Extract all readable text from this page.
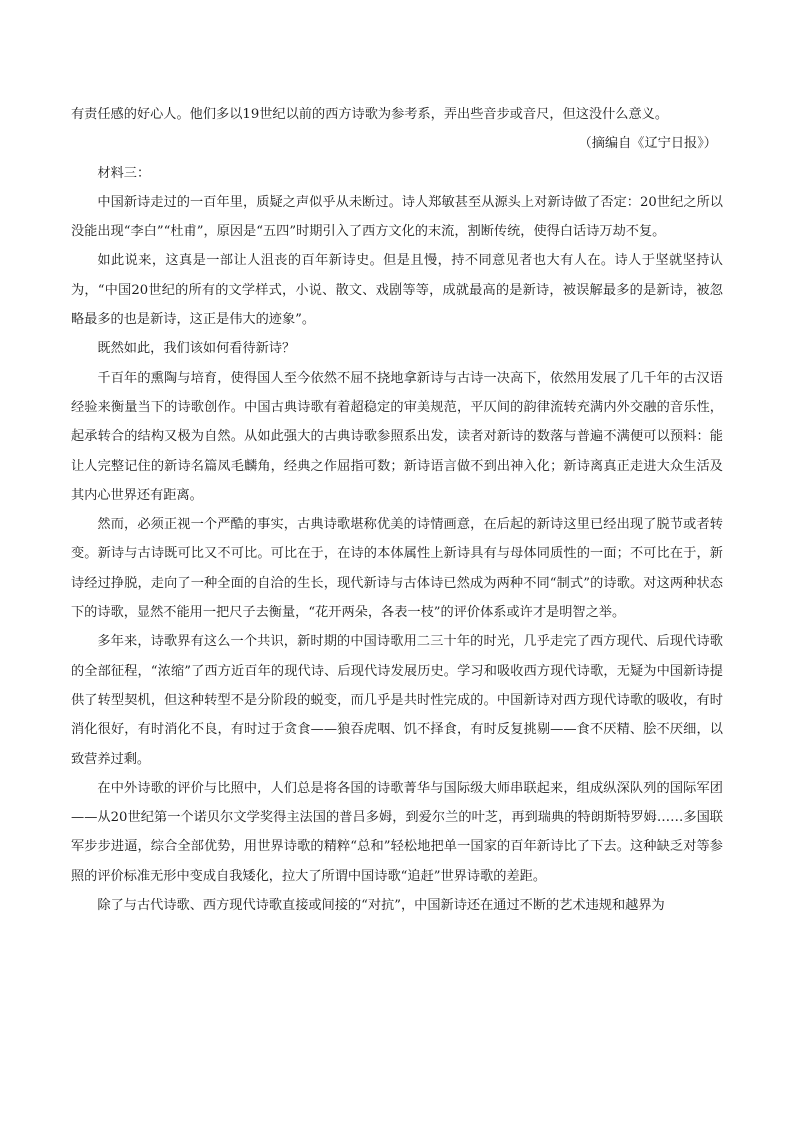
有责任感的好心人。他们多以19世纪以前的西方诗歌为参考系，弄出些音步或音尺，但这没什么意义。

（摘编自《辽宁日报》）

材料三：

中国新诗走过的一百年里，质疑之声似乎从未断过。诗人郑敏甚至从源头上对新诗做了否定：20世纪之所以没能出现“李白”“杜甫”，原因是“五四”时期引入了西方文化的末流，割断传统，使得白话诗万劫不复。

如此说来，这真是一部让人沮丧的百年新诗史。但是且慢，持不同意见者也大有人在。诗人于坚就坚持认为，“中国20世纪的所有的文学样式，小说、散文、戏剧等等，成就最高的是新诗，被误解最多的是新诗，被忽略最多的也是新诗，这正是伟大的迹象”。

既然如此，我们该如何看待新诗？

千百年的熏陶与培育，使得国人至今依然不屈不挠地拿新诗与古诗一决高下，依然用发展了几千年的古汉语经验来衡量当下的诗歌创作。中国古典诗歌有着超稳定的审美规范，平仄间的韵律流转充满内外交融的音乐性，起承转合的结构又极为自然。从如此强大的古典诗歌参照系出发，读者对新诗的数落与普遍不满便可以预料：能让人完整记住的新诗名篇凤毛麟角，经典之作屈指可数；新诗语言做不到出神入化；新诗离真正走进大众生活及其内心世界还有距离。

然而，必须正视一个严酷的事实，古典诗歌堪称优美的诗情画意，在后起的新诗这里已经出现了脱节或者转变。新诗与古诗既可比又不可比。可比在于，在诗的本体属性上新诗具有与母体同质性的一面；不可比在于，新诗经过挣脱，走向了一种全面的自洽的生长，现代新诗与古体诗已然成为两种不同“制式”的诗歌。对这两种状态下的诗歌，显然不能用一把尺子去衡量，“花开两朵，各表一枝”的评价体系或许才是明智之举。

多年来，诗歌界有这么一个共识，新时期的中国诗歌用二三十年的时光，几乎走完了西方现代、后现代诗歌的全部征程，“浓缩”了西方近百年的现代诗、后现代诗发展历史。学习和吸收西方现代诗歌，无疑为中国新诗提供了转型契机，但这种转型不是分阶段的蜕变，而几乎是共时性完成的。中国新诗对西方现代诗歌的吸收，有时消化很好，有时消化不良，有时过于贪食——狼吞虎咽、饥不择食，有时反复挑剔——食不厌精、脍不厌细，以致营养过剩。

在中外诗歌的评价与比照中，人们总是将各国的诗歌菁华与国际级大师串联起来，组成纵深队列的国际军团——从20世纪第一个诺贝尔文学奖得主法国的普吕多姆，到爱尔兰的叶芝，再到瑞典的特朗斯特罗姆……多国联军步步进逼，综合全部优势，用世界诗歌的精粹“总和”轻松地把单一国家的百年新诗比了下去。这种缺乏对等参照的评价标准无形中变成自我矮化，拉大了所谓中国诗歌“追赶”世界诗歌的差距。

除了与古代诗歌、西方现代诗歌直接或间接的“对抗”，中国新诗还在通过不断的艺术违规和越界为
